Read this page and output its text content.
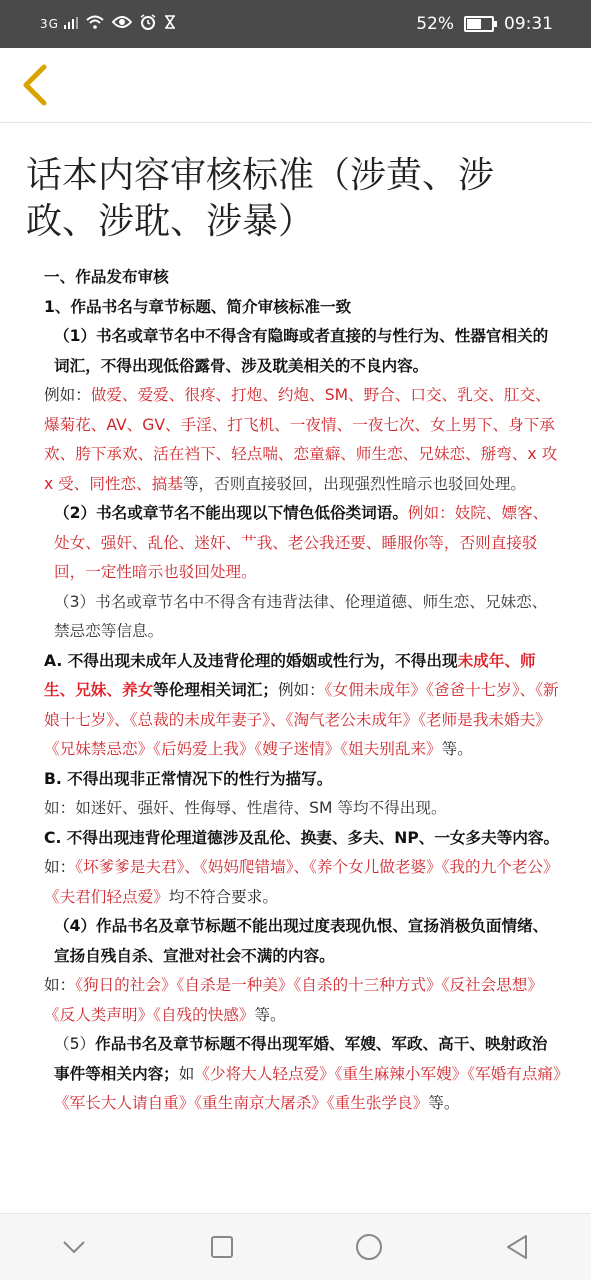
3G	52%	09:31
话本内容审核标准（涉黄、涉政、涉耽、涉暴）

一、作品发布审核

1、作品书名与章节标题、简介审核标准一致

（1）书名或章节名中不得含有隐晦或者直接的与性行为、性器官相关的词汇，不得出现低俗露骨、涉及耽美相关的不良内容。

例如：做爱、爱爱、很疼、打炮、约炮、SM、野合、口交、乳交、肛交、爆菊花、AV、GV、手淫、打飞机、一夜情、一夜七次、女上男下、身下承欢、胯下承欢、活在裆下、轻点喘、恋童癖、师生恋、兄妹恋、掰弯、x 攻 x 受、同性恋、搞基等，否则直接驳回，出现强烈性暗示也驳回处理。

（2）书名或章节名不能出现以下情色低俗类词语。例如：妓院、嫖客、处女、强奸、乱伦、迷奸、艹我、老公我还要、睡服你等，否则直接驳回，一定性暗示也驳回处理。

（3）书名或章节名中不得含有违背法律、伦理道德、师生恋、兄妹恋、禁忌恋等信息。

A. 不得出现未成年人及违背伦理的婚姻或性行为，不得出现未成年、师生、兄妹、养女等伦理相关词汇；例如：《女佣未成年》《爸爸十七岁》、《新娘十七岁》、《总裁的未成年妻子》、《淘气老公未成年》《老师是我未婚夫》《兄妹禁忌恋》《后妈爱上我》《嫂子迷情》《姐夫别乱来》等。

B. 不得出现非正常情况下的性行为描写。

如：如迷奸、强奸、性侮辱、性虐待、SM 等均不得出现。

C. 不得出现违背伦理道德涉及乱伦、换妻、多夫、NP、一女多夫等内容。

如：《坏爹爹是夫君》、《妈妈爬错墙》、《养个女儿做老婆》《我的九个老公》《夫君们轻点爱》均不符合要求。

（4）作品书名及章节标题不能出现过度表现仇恨、宣扬消极负面情绪、宣扬自残自杀、宣泄对社会不满的内容。

如：《狗日的社会》《自杀是一种美》《自杀的十三种方式》《反社会思想》《反人类声明》《自残的快感》等。

（5）作品书名及章节标题不得出现军婚、军嫂、军政、高干、映射政治事件等相关内容；如《少将大人轻点爱》《重生麻辣小军嫂》《军婚有点痛》《军长大人请自重》《重生南京大屠杀》《重生张学良》等。
